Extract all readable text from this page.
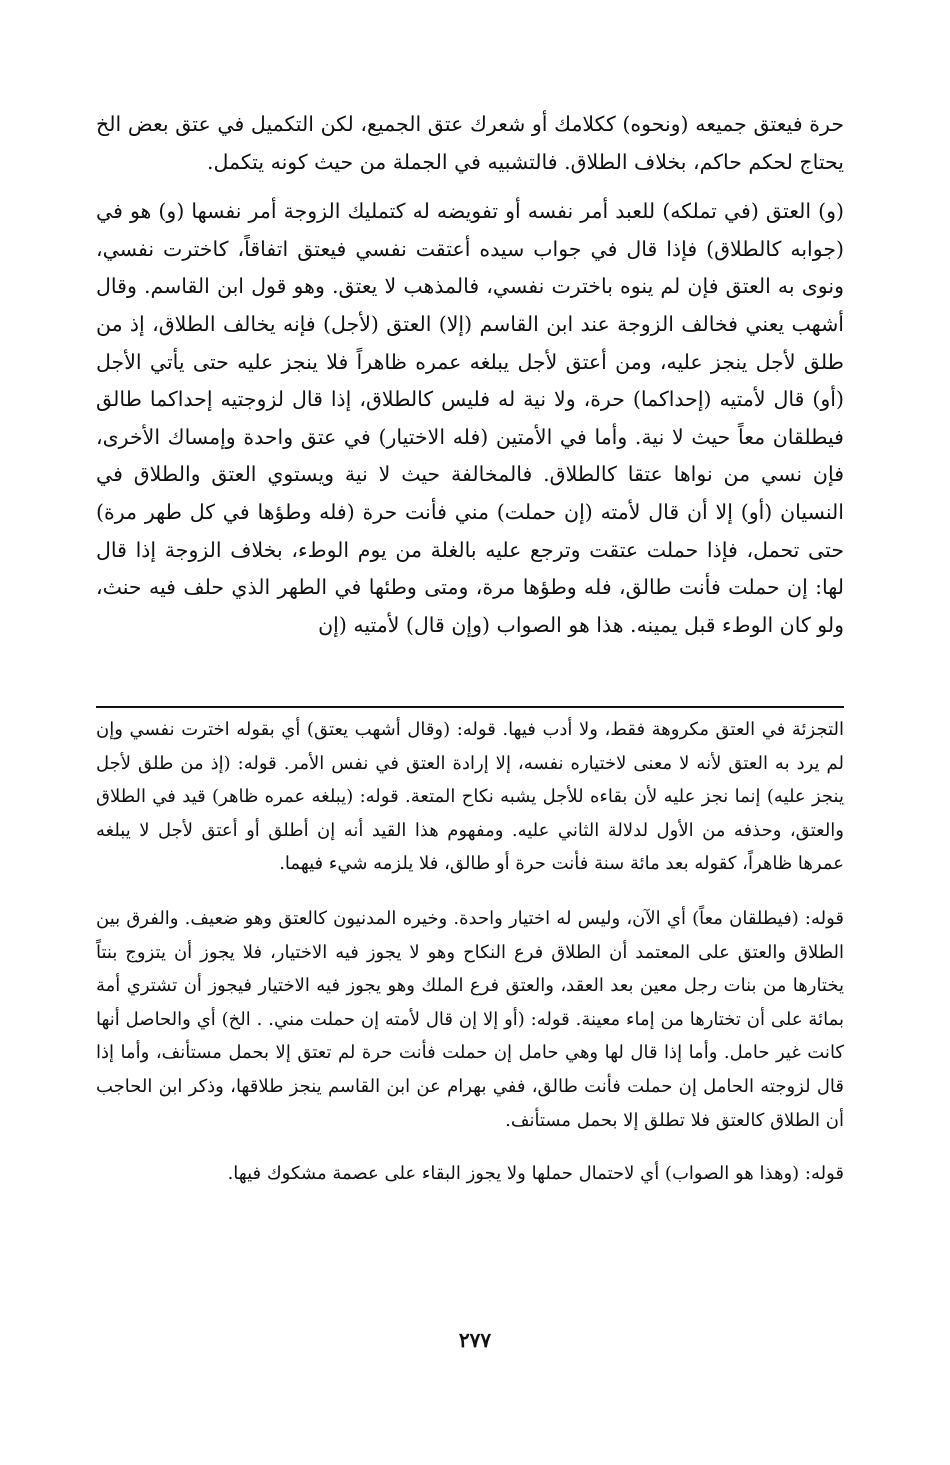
حرة فيعتق جميعه (ونحوه) ككلامك أو شعرك عتق الجميع، لكن التكميل في عتق بعض الخ يحتاج لحكم حاكم، بخلاف الطلاق. فالتشبيه في الجملة من حيث كونه يتكمل.

(و) العتق (في تملكه) للعبد أمر نفسه أو تفويضه له كتمليك الزوجة أمر نفسها (و) هو في (جوابه كالطلاق) فإذا قال في جواب سيده أعتقت نفسي فيعتق اتفاقاً، كاخترت نفسي، ونوى به العتق فإن لم ينوه باخترت نفسي، فالمذهب لا يعتق. وهو قول ابن القاسم. وقال أشهب يعني فخالف الزوجة عند ابن القاسم (إلا) العتق (لأجل) فإنه يخالف الطلاق، إذ من طلق لأجل ينجز عليه، ومن أعتق لأجل يبلغه عمره ظاهراً فلا ينجز عليه حتى يأتي الأجل (أو) قال لأمتيه (إحداكما) حرة، ولا نية له فليس كالطلاق، إذا قال لزوجتيه إحداكما طالق فيطلقان معاً حيث لا نية. وأما في الأمتين (فله الاختيار) في عتق واحدة وإمساك الأخرى، فإن نسي من نواها عتقا كالطلاق. فالمخالفة حيث لا نية ويستوي العتق والطلاق في النسيان (أو) إلا أن قال لأمته (إن حملت) مني فأنت حرة (فله وطؤها في كل طهر مرة) حتى تحمل، فإذا حملت عتقت وترجع عليه بالغلة من يوم الوطء، بخلاف الزوجة إذا قال لها: إن حملت فأنت طالق، فله وطؤها مرة، ومتى وطئها في الطهر الذي حلف فيه حنث، ولو كان الوطء قبل يمينه. هذا هو الصواب (وإن قال) لأمتيه (إن

التجزئة في العتق مكروهة فقط، ولا أدب فيها. قوله: (وقال أشهب يعتق) أي بقوله اخترت نفسي وإن لم يرد به العتق لأنه لا معنى لاختياره نفسه، إلا إرادة العتق في نفس الأمر. قوله: (إذ من طلق لأجل ينجز عليه) إنما نجز عليه لأن بقاءه للأجل يشبه نكاح المتعة. قوله: (يبلغه عمره ظاهر) قيد في الطلاق والعتق، وحذفه من الأول لدلالة الثاني عليه. ومفهوم هذا القيد أنه إن أطلق أو أعتق لأجل لا يبلغه عمرها ظاهراً، كقوله بعد مائة سنة فأنت حرة أو طالق، فلا يلزمه شيء فيهما.

قوله: (فيطلقان معاً) أي الآن، وليس له اختيار واحدة. وخيره المدنيون كالعتق وهو ضعيف. والفرق بين الطلاق والعتق على المعتمد أن الطلاق فرع النكاح وهو لا يجوز فيه الاختيار، فلا يجوز أن يتزوج بنتاً يختارها من بنات رجل معين بعد العقد، والعتق فرع الملك وهو يجوز فيه الاختيار فيجوز أن تشتري أمة بمائة على أن تختارها من إماء معينة. قوله: (أو إلا إن قال لأمته إن حملت مني. . الخ) أي والحاصل أنها كانت غير حامل. وأما إذا قال لها وهي حامل إن حملت فأنت حرة لم تعتق إلا بحمل مستأنف، وأما إذا قال لزوجته الحامل إن حملت فأنت طالق، ففي بهرام عن ابن القاسم ينجز طلاقها، وذكر ابن الحاجب أن الطلاق كالعتق فلا تطلق إلا بحمل مستأنف.

قوله: (وهذا هو الصواب) أي لاحتمال حملها ولا يجوز البقاء على عصمة مشكوك فيها.

٢٧٧
